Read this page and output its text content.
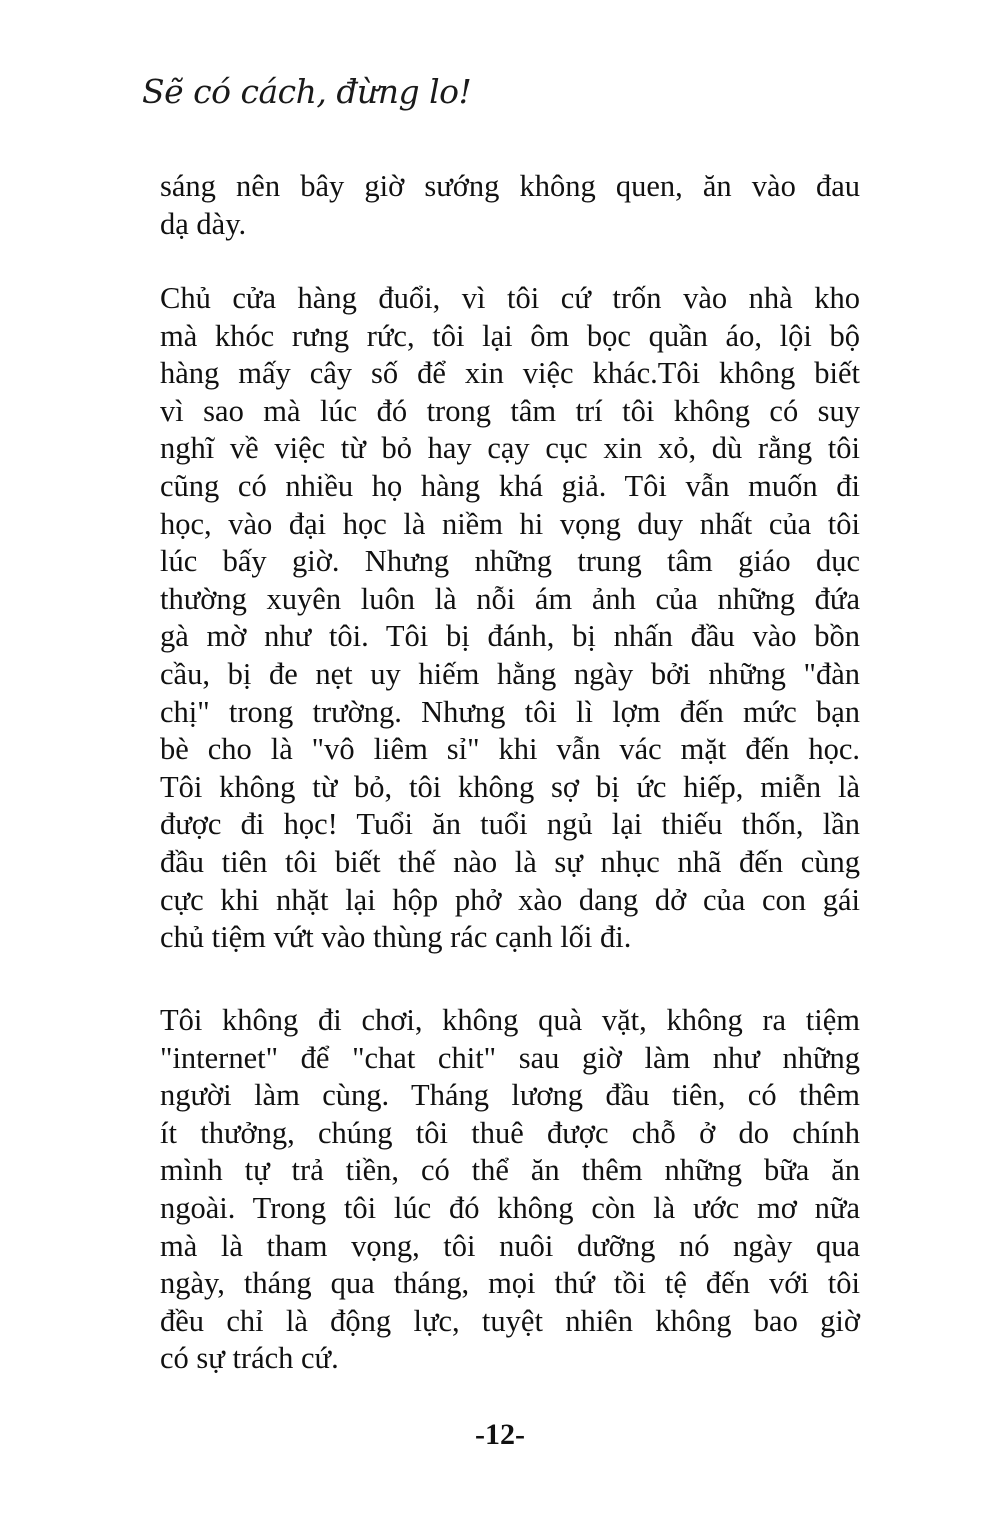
Sẽ có cách, đừng lo!
sáng nên bây giờ sướng không quen, ăn vào đau
dạ dày.
Chủ cửa hàng đuổi, vì tôi cứ trốn vào nhà kho
mà khóc rưng rức, tôi lại ôm bọc quần áo, lội bộ
hàng mấy cây số để xin việc khác.Tôi không biết
vì sao mà lúc đó trong tâm trí tôi không có suy
nghĩ về việc từ bỏ hay cạy cục xin xỏ, dù rằng tôi
cũng có nhiều họ hàng khá giả. Tôi vẫn muốn đi
học, vào đại học là niềm hi vọng duy nhất của tôi
lúc bấy giờ. Nhưng những trung tâm giáo dục
thường xuyên luôn là nỗi ám ảnh của những đứa
gà mờ như tôi. Tôi bị đánh, bị nhấn đầu vào bồn
cầu, bị đe nẹt uy hiếm hằng ngày bởi những "đàn
chị" trong trường. Nhưng tôi lì lợm đến mức bạn
bè cho là "vô liêm sỉ" khi vẫn vác mặt đến học.
Tôi không từ bỏ, tôi không sợ bị ức hiếp, miễn là
được đi học! Tuổi ăn tuổi ngủ lại thiếu thốn, lần
đầu tiên tôi biết thế nào là sự nhục nhã đến cùng
cực khi nhặt lại hộp phở xào dang dở của con gái
chủ tiệm vứt vào thùng rác cạnh lối đi.
Tôi không đi chơi, không quà vặt, không ra tiệm
"internet" để "chat chit" sau giờ làm như những
người làm cùng. Tháng lương đầu tiên, có thêm
ít thưởng, chúng tôi thuê được chỗ ở do chính
mình tự trả tiền, có thể ăn thêm những bữa ăn
ngoài. Trong tôi lúc đó không còn là ước mơ nữa
mà là tham vọng, tôi nuôi dưỡng nó ngày qua
ngày, tháng qua tháng, mọi thứ tồi tệ đến với tôi
đều chỉ là động lực, tuyệt nhiên không bao giờ
có sự trách cứ.
-12-
